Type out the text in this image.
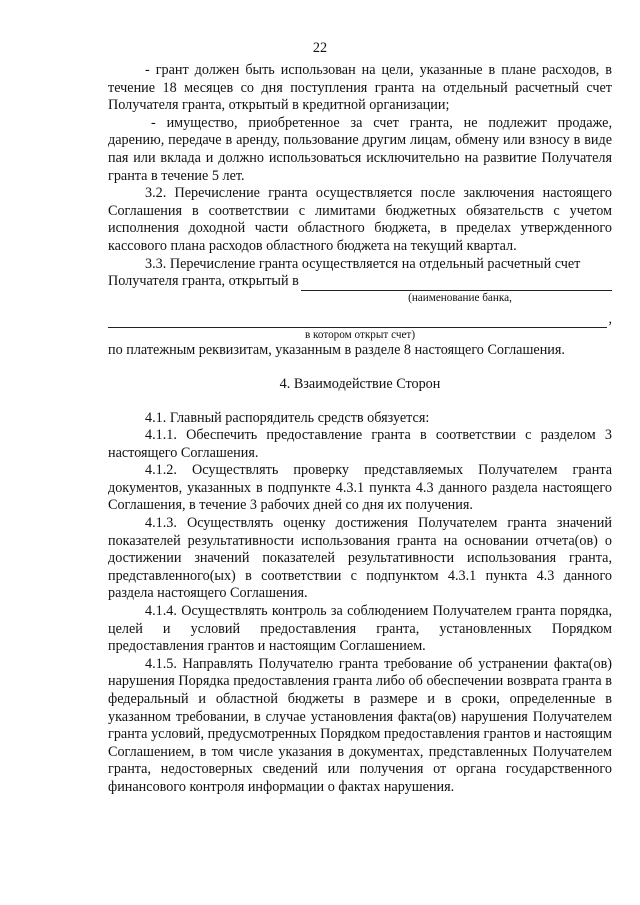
22

- грант должен быть использован на цели, указанные в плане расходов, в течение 18 месяцев со дня поступления гранта на отдельный расчетный счет Получателя гранта, открытый в кредитной организации;

- имущество, приобретенное за счет гранта, не подлежит продаже, дарению, передаче в аренду, пользование другим лицам, обмену или взносу в виде пая или вклада и должно использоваться исключительно на развитие Получателя гранта в течение 5 лет.

3.2. Перечисление гранта осуществляется после заключения настоящего Соглашения в соответствии с лимитами бюджетных обязательств с учетом исполнения доходной части областного бюджета, в пределах утвержденного кассового плана расходов областного бюджета на текущий квартал.

3.3. Перечисление гранта осуществляется на отдельный расчетный счет

Получателя гранта, открытый в

(наименование банка,

,

в котором открыт счет)

по платежным реквизитам, указанным в разделе 8 настоящего Соглашения.

4. Взаимодействие Сторон

4.1. Главный распорядитель средств обязуется:

4.1.1. Обеспечить предоставление гранта в соответствии с разделом 3 настоящего Соглашения.

4.1.2. Осуществлять проверку представляемых Получателем гранта документов, указанных в подпункте 4.3.1 пункта 4.3 данного раздела настоящего Соглашения, в течение 3 рабочих дней со дня их получения.

4.1.3. Осуществлять оценку достижения Получателем гранта значений показателей результативности использования гранта на основании отчета(ов) о достижении значений показателей результативности использования гранта, представленного(ых) в соответствии с подпунктом 4.3.1 пункта 4.3 данного раздела настоящего Соглашения.

4.1.4. Осуществлять контроль за соблюдением Получателем гранта порядка, целей и условий предоставления гранта, установленных Порядком предоставления грантов и настоящим Соглашением.

4.1.5. Направлять Получателю гранта требование об устранении факта(ов) нарушения Порядка предоставления гранта либо об обеспечении возврата гранта в федеральный и областной бюджеты в размере и в сроки, определенные в указанном требовании, в случае установления факта(ов) нарушения Получателем гранта условий, предусмотренных Порядком предоставления грантов и настоящим Соглашением, в том числе указания в документах, представленных Получателем гранта, недостоверных сведений или получения от органа государственного финансового контроля информации о фактах нарушения.
